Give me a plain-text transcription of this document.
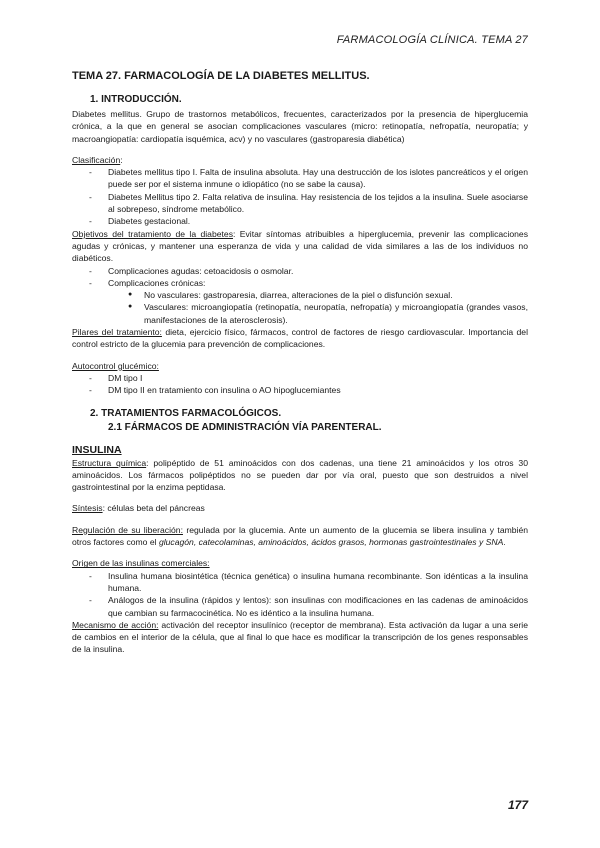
FARMACOLOGÍA CLÍNICA. TEMA 27
TEMA 27. FARMACOLOGÍA DE LA DIABETES MELLITUS.
1. INTRODUCCIÓN.

Diabetes mellitus. Grupo de trastornos metabólicos, frecuentes, caracterizados por la presencia de hiperglucemia crónica, a la que en general se asocian complicaciones vasculares (micro: retinopatía, nefropatía, neuropatía; y macroangiopatía: cardiopatía isquémica, acv) y no vasculares (gastroparesia diabética)

Clasificación:

- Diabetes mellitus tipo I. Falta de insulina absoluta. Hay una destrucción de los islotes pancreáticos y el origen puede ser por el sistema inmune o idiopático (no se sabe la causa).
- Diabetes Mellitus tipo 2. Falta relativa de insulina. Hay resistencia de los tejidos a la insulina. Suele asociarse al sobrepeso, síndrome metabólico.
- Diabetes gestacional.

Objetivos del tratamiento de la diabetes: Evitar síntomas atribuibles a hiperglucemia, prevenir las complicaciones agudas y crónicas, y mantener una esperanza de vida y una calidad de vida similares a las de los individuos no diabéticos.

- Complicaciones agudas: cetoacidosis o osmolar.
- Complicaciones crónicas:
● No vasculares: gastroparesia, diarrea, alteraciones de la piel o disfunción sexual.
● Vasculares: microangiopatía (retinopatía, neuropatía, nefropatía) y microangiopatía (grandes vasos, manifestaciones de la aterosclerosis).

Pilares del tratamiento: dieta, ejercicio físico, fármacos, control de factores de riesgo cardiovascular. Importancia del control estricto de la glucemia para prevención de complicaciones.

Autocontrol glucémico:

- DM tipo I
- DM tipo II en tratamiento con insulina o AO hipoglucemiantes
2. TRATAMIENTOS FARMACOLÓGICOS.
2.1 FÁRMACOS DE ADMINISTRACIÓN VÍA PARENTERAL.
INSULINA

Estructura química: polipéptido de 51 aminoácidos con dos cadenas, una tiene 21 aminoácidos y los otros 30 aminoácidos. Los fármacos polipéptidos no se pueden dar por vía oral, puesto que son destruidos a nivel gastrointestinal por la enzima peptidasa.

Síntesis: células beta del páncreas

Regulación de su liberación: regulada por la glucemia. Ante un aumento de la glucemia se libera insulina y también otros factores como el glucagón, catecolaminas, aminoácidos, ácidos grasos, hormonas gastrointestinales y SNA.

Origen de las insulinas comerciales:

- Insulina humana biosintética (técnica genética) o insulina humana recombinante. Son idénticas a la insulina humana.
- Análogos de la insulina (rápidos y lentos): son insulinas con modificaciones en las cadenas de aminoácidos que cambian su farmacocinética. No es idéntico a la insulina humana.

Mecanismo de acción: activación del receptor insulínico (receptor de membrana). Esta activación da lugar a una serie de cambios en el interior de la célula, que al final lo que hace es modificar la transcripción de los genes responsables de la insulina.

177
